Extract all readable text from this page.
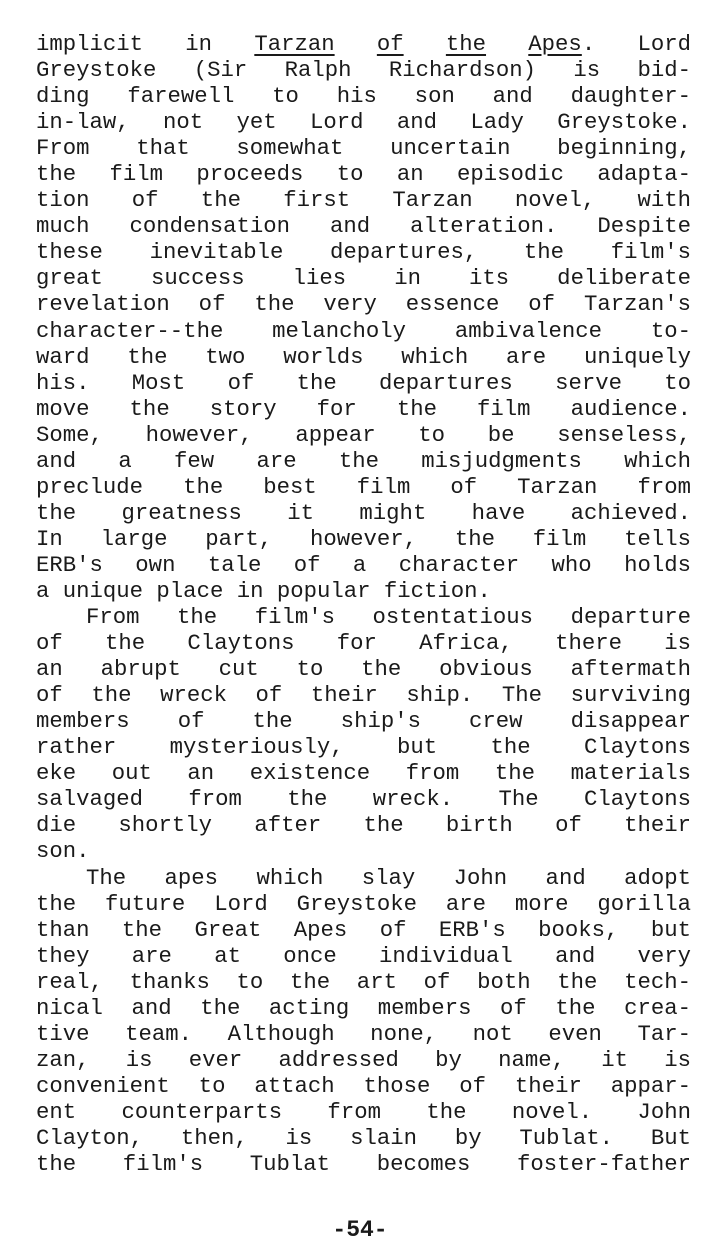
implicit in Tarzan of the Apes. Lord
Greystoke (Sir Ralph Richardson) is bid-
ding farewell to his son and daughter-
in-law, not yet Lord and Lady Greystoke.
From that somewhat uncertain beginning,
the film proceeds to an episodic adapta-
tion of the first Tarzan novel, with
much condensation and alteration. Despite
these inevitable departures, the film's
great success lies in its deliberate
revelation of the very essence of Tarzan's
character--the melancholy ambivalence to-
ward the two worlds which are uniquely
his. Most of the departures serve to
move the story for the film audience.
Some, however, appear to be senseless,
and a few are the misjudgments which
preclude the best film of Tarzan from
the greatness it might have achieved.
In large part, however, the film tells
ERB's own tale of a character who holds
a unique place in popular fiction.
From the film's ostentatious departure
of the Claytons for Africa, there is
an abrupt cut to the obvious aftermath
of the wreck of their ship. The surviving
members of the ship's crew disappear
rather mysteriously, but the Claytons
eke out an existence from the materials
salvaged from the wreck. The Claytons
die shortly after the birth of their
son.
The apes which slay John and adopt
the future Lord Greystoke are more gorilla
than the Great Apes of ERB's books, but
they are at once individual and very
real, thanks to the art of both the tech-
nical and the acting members of the crea-
tive team. Although none, not even Tar-
zan, is ever addressed by name, it is
convenient to attach those of their appar-
ent counterparts from the novel. John
Clayton, then, is slain by Tublat. But
the film's Tublat becomes foster-father
-54-
